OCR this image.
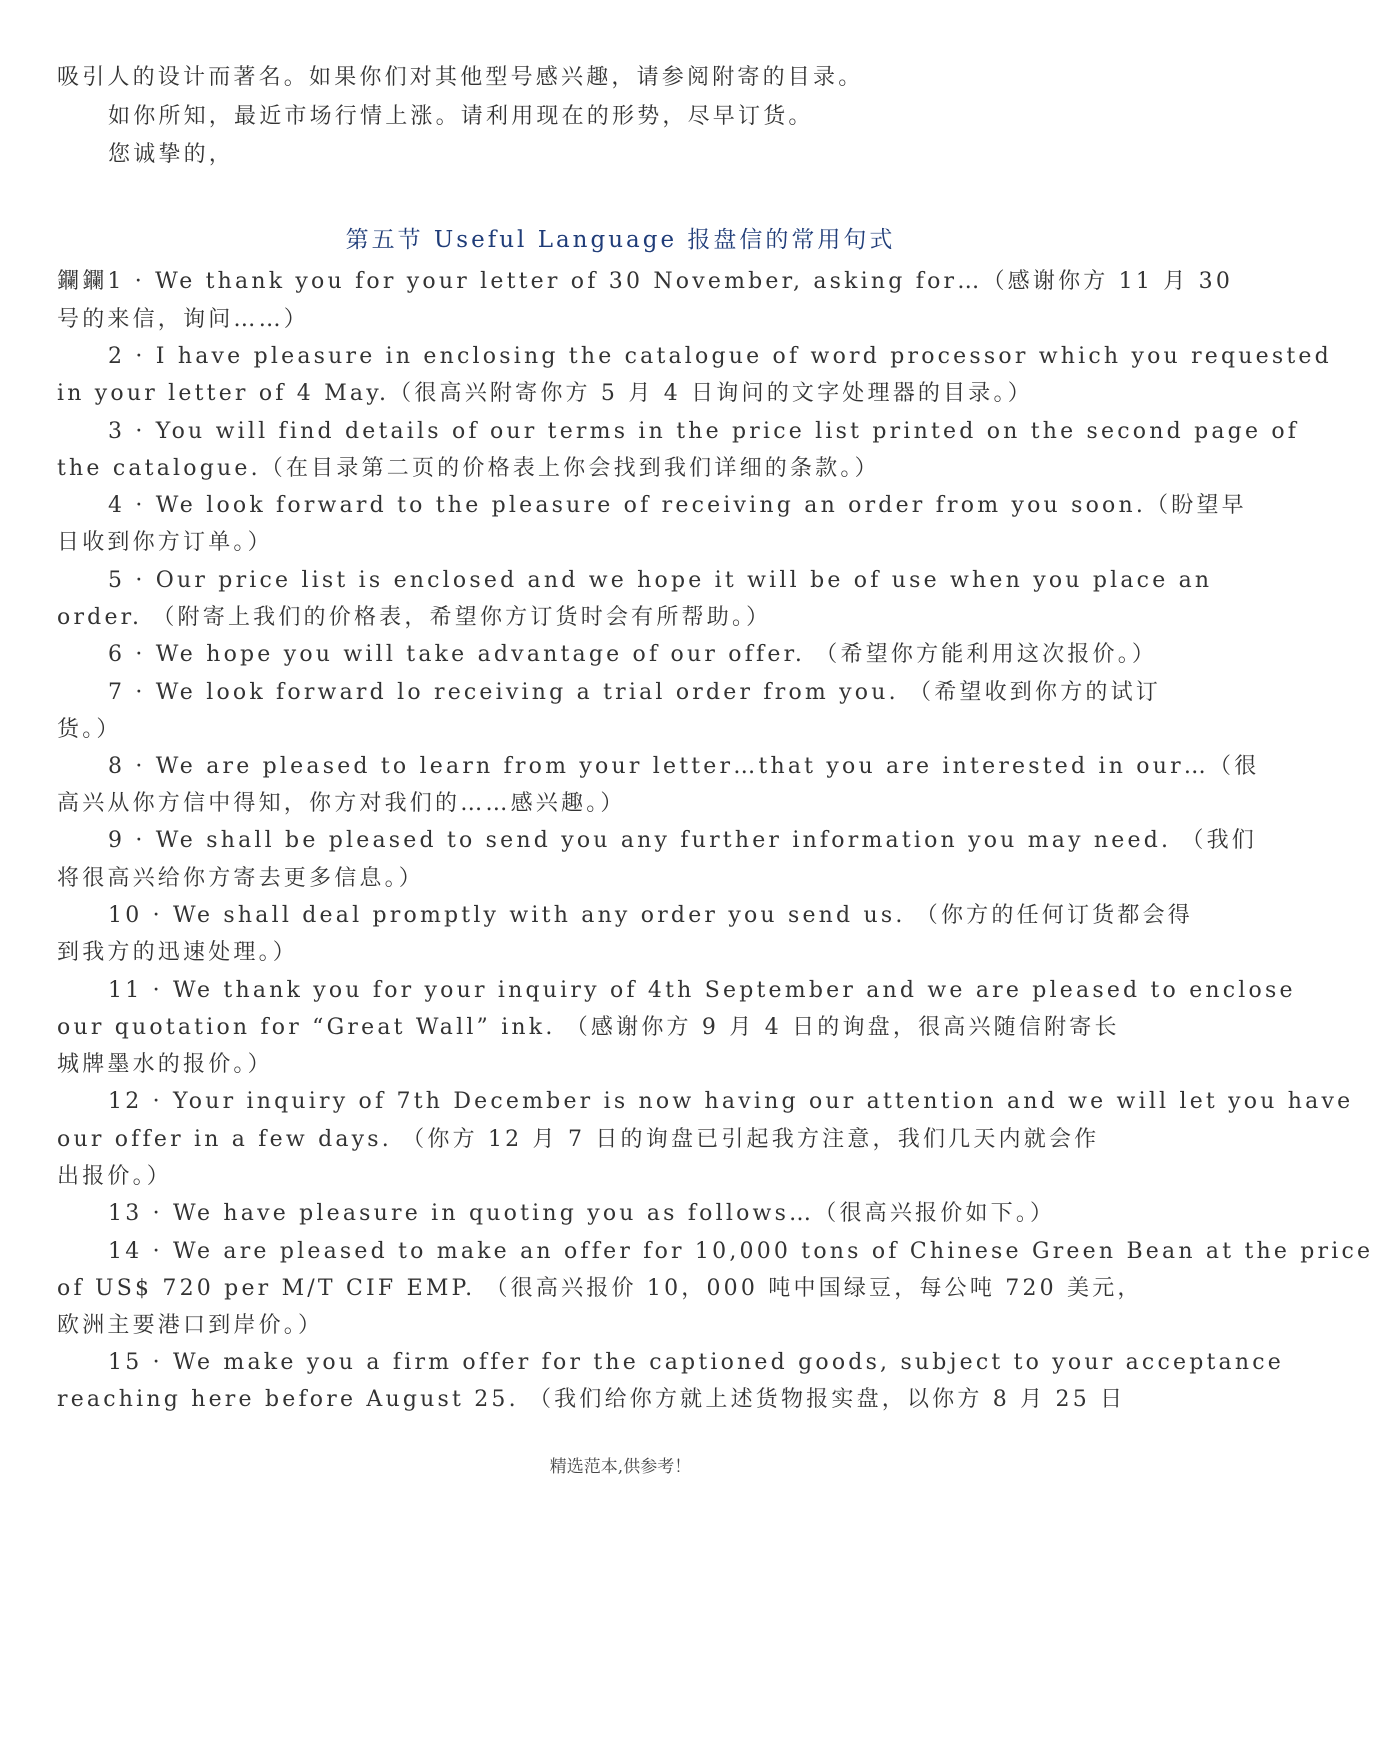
吸引人的设计而著名。如果你们对其他型号感兴趣，请参阅附寄的目录。
如你所知，最近市场行情上涨。请利用现在的形势，尽早订货。
您诚挚的，
第五节 Useful Language 报盘信的常用句式
鑭鑭1 · We thank you for your letter of 30 November, asking for…（感谢你方 11 月 30
号的来信，询问……）
2 · I have pleasure in enclosing the catalogue of word processor which you requested
in your letter of 4 May.（很高兴附寄你方 5 月 4 日询问的文字处理器的目录。）
3 · You will find details of our terms in the price list printed on the second page of
the catalogue.（在目录第二页的价格表上你会找到我们详细的条款。）
4 · We look forward to the pleasure of receiving an order from you soon.（盼望早
日收到你方订单。）
5 · Our price list is enclosed and we hope it will be of use when you place an
order. （附寄上我们的价格表，希望你方订货时会有所帮助。）
6 · We hope you will take advantage of our offer. （希望你方能利用这次报价。）
7 · We look forward lo receiving a trial order from you. （希望收到你方的试订
货。）
8 · We are pleased to learn from your letter…that you are interested in our…（很
高兴从你方信中得知，你方对我们的……感兴趣。）
9 · We shall be pleased to send you any further information you may need. （我们
将很高兴给你方寄去更多信息。）
10 · We shall deal promptly with any order you send us. （你方的任何订货都会得
到我方的迅速处理。）
11 · We thank you for your inquiry of 4th September and we are pleased to enclose
our quotation for “Great Wall” ink. （感谢你方 9 月 4 日的询盘，很高兴随信附寄长
城牌墨水的报价。）
12 · Your inquiry of 7th December is now having our attention and we will let you have
our offer in a few days. （你方 12 月 7 日的询盘已引起我方注意，我们几天内就会作
出报价。）
13 · We have pleasure in quoting you as follows…（很高兴报价如下。）
14 · We are pleased to make an offer for 10,000 tons of Chinese Green Bean at the price
of US$ 720 per M/T CIF EMP. （很高兴报价 10，000 吨中国绿豆，每公吨 720 美元，
欧洲主要港口到岸价。）
15 · We make you a firm offer for the captioned goods, subject to your acceptance
reaching here before August 25. （我们给你方就上述货物报实盘，以你方 8 月 25 日
精选范本,供参考！
